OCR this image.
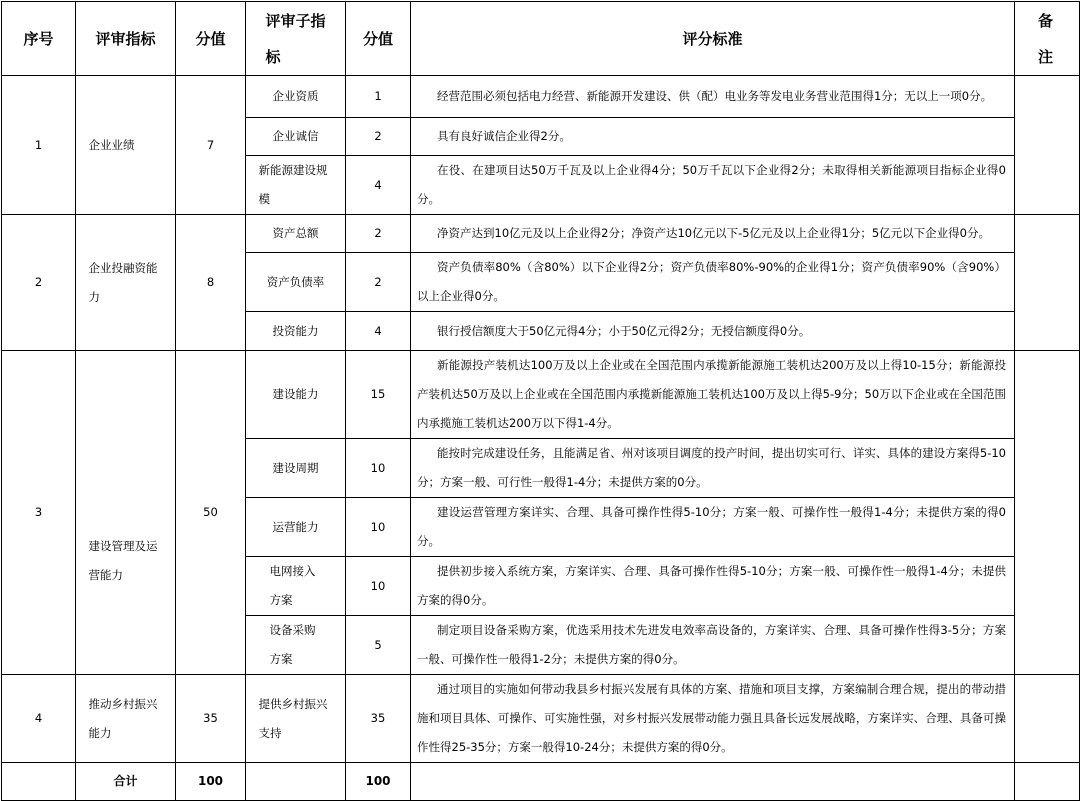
序号	评审指标	分值	评审子指标	分值	评分标准	备注
1	企业业绩	7	企业资质	1	经营范围必须包括电力经营、新能源开发建设、供（配）电业务等发电业务营业范围得1分；无以上一项0分。	

			企业诚信	2	具有良好诚信企业得2分。	

			新能源建设规模	4	在役、在建项目达50万千瓦及以上企业得4分；50万千瓦以下企业得2分；未取得相关新能源项目指标企业得0分。	

2	企业投融资能力	8	资产总额	2	净资产达到10亿元及以上企业得2分；净资产达10亿元以下-5亿元及以上企业得1分；5亿元以下企业得0分。	

			资产负债率	2	资产负债率80%（含80%）以下企业得2分；资产负债率80%-90%的企业得1分；资产负债率90%（含90%）以上企业得0分。	

			投资能力	4	银行授信额度大于50亿元得4分；小于50亿元得2分；无授信额度得0分。	

3	建设管理及运营能力	50	建设能力	15	新能源投产装机达100万及以上企业或在全国范围内承揽新能源施工装机达200万及以上得10-15分；新能源投产装机达50万及以上企业或在全国范围内承揽新能源施工装机达100万及以上得5-9分；50万以下企业或在全国范围内承揽施工装机达200万以下得1-4分。	

			建设周期	10	能按时完成建设任务，且能满足省、州对该项目调度的投产时间，提出切实可行、详实、具体的建设方案得5-10分；方案一般、可行性一般得1-4分；未提供方案的0分。	

			运营能力	10	建设运营管理方案详实、合理、具备可操作性得5-10分；方案一般、可操作性一般得1-4分；未提供方案的得0分。	

			电网接入方案	10	提供初步接入系统方案，方案详实、合理、具备可操作性得5-10分；方案一般、可操作性一般得1-4分；未提供方案的得0分。	

			设备采购方案	5	制定项目设备采购方案，优选采用技术先进发电效率高设备的，方案详实、合理、具备可操作性得3-5分；方案一般、可操作性一般得1-2分；未提供方案的得0分。	

4	推动乡村振兴能力	35	提供乡村振兴支持	35	通过项目的实施如何带动我县乡村振兴发展有具体的方案、措施和项目支撑，方案编制合理合规，提出的带动措施和项目具体、可操作、可实施性强，对乡村振兴发展带动能力强且具备长远发展战略，方案详实、合理、具备可操作性得25-35分；方案一般得10-24分；未提供方案的得0分。	

	合计	100		100		
